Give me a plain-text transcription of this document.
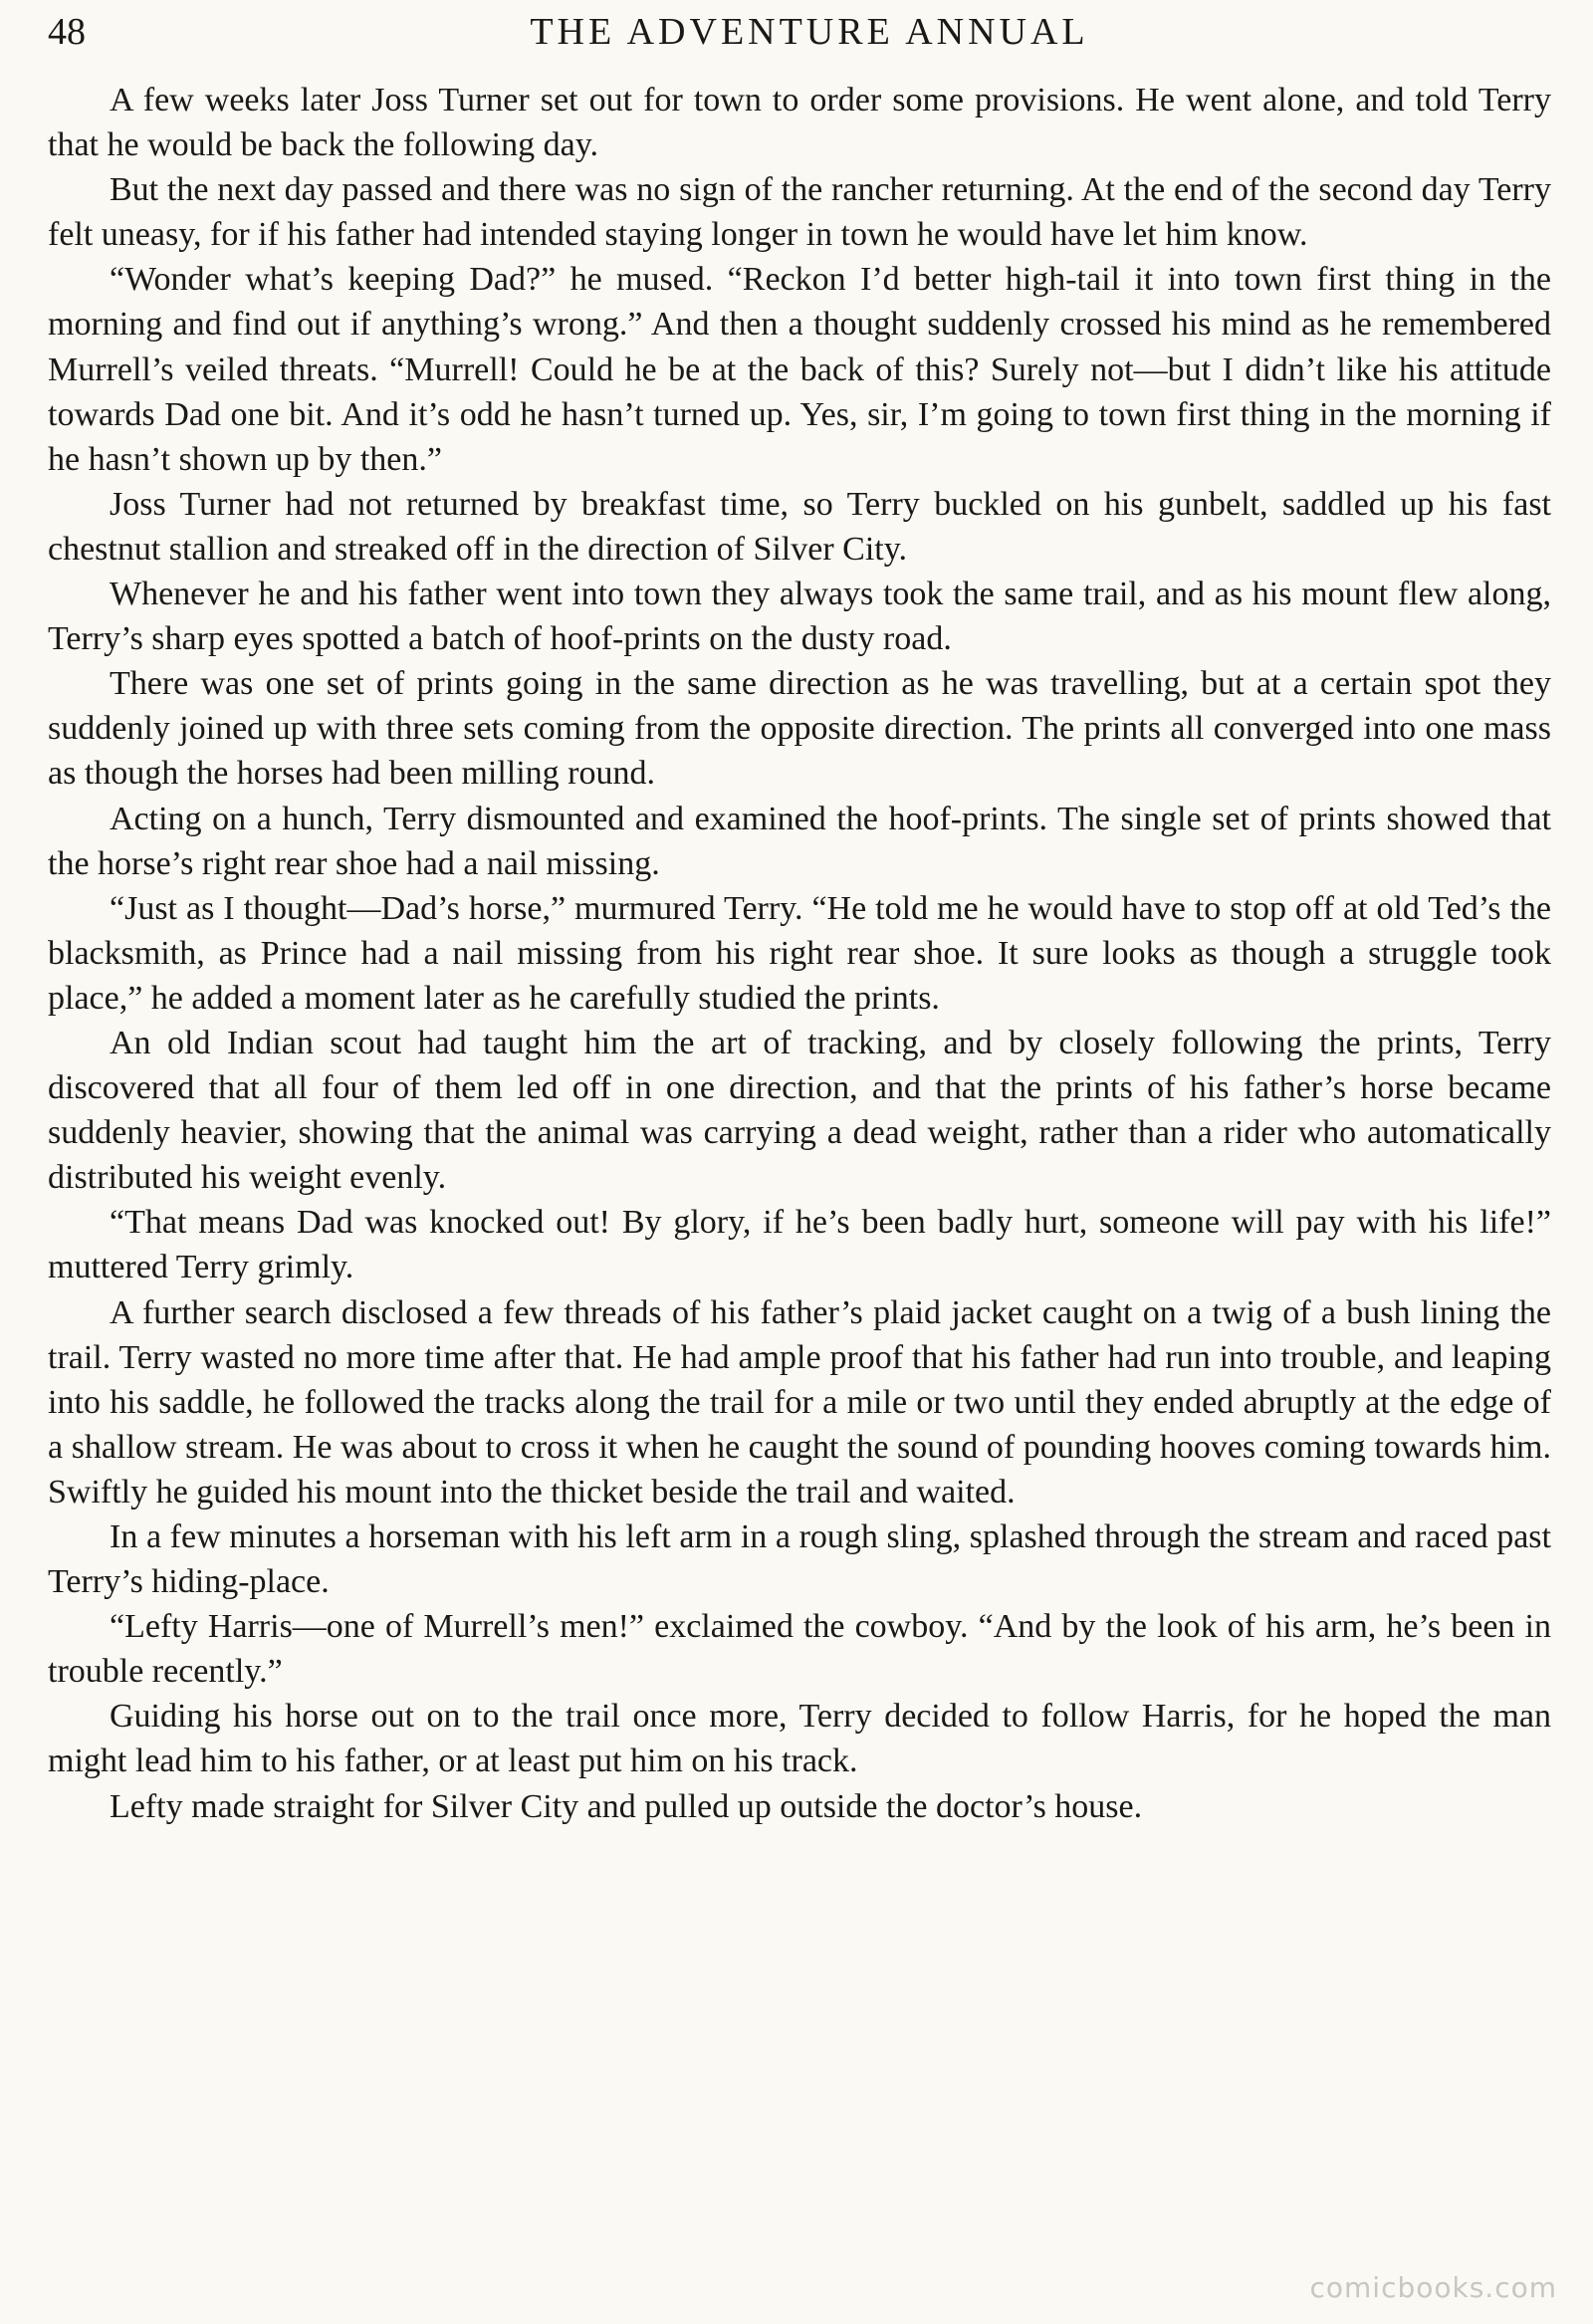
48	THE ADVENTURE ANNUAL

A few weeks later Joss Turner set out for town to order some provisions. He went alone, and told Terry that he would be back the following day.

But the next day passed and there was no sign of the rancher returning. At the end of the second day Terry felt uneasy, for if his father had intended staying longer in town he would have let him know.

“Wonder what’s keeping Dad?” he mused. “Reckon I’d better high-tail it into town first thing in the morning and find out if anything’s wrong.” And then a thought suddenly crossed his mind as he remembered Murrell’s veiled threats. “Murrell! Could he be at the back of this? Surely not—but I didn’t like his attitude towards Dad one bit. And it’s odd he hasn’t turned up. Yes, sir, I’m going to town first thing in the morning if he hasn’t shown up by then.”

Joss Turner had not returned by breakfast time, so Terry buckled on his gunbelt, saddled up his fast chestnut stallion and streaked off in the direction of Silver City.

Whenever he and his father went into town they always took the same trail, and as his mount flew along, Terry’s sharp eyes spotted a batch of hoof-prints on the dusty road.

There was one set of prints going in the same direction as he was travelling, but at a certain spot they suddenly joined up with three sets coming from the opposite direction. The prints all converged into one mass as though the horses had been milling round.

Acting on a hunch, Terry dismounted and examined the hoof-prints. The single set of prints showed that the horse’s right rear shoe had a nail missing.

“Just as I thought—Dad’s horse,” murmured Terry. “He told me he would have to stop off at old Ted’s the blacksmith, as Prince had a nail missing from his right rear shoe. It sure looks as though a struggle took place,” he added a moment later as he carefully studied the prints.

An old Indian scout had taught him the art of tracking, and by closely following the prints, Terry discovered that all four of them led off in one direction, and that the prints of his father’s horse became suddenly heavier, showing that the animal was carrying a dead weight, rather than a rider who automatically distributed his weight evenly.

“That means Dad was knocked out! By glory, if he’s been badly hurt, someone will pay with his life!” muttered Terry grimly.

A further search disclosed a few threads of his father’s plaid jacket caught on a twig of a bush lining the trail. Terry wasted no more time after that. He had ample proof that his father had run into trouble, and leaping into his saddle, he followed the tracks along the trail for a mile or two until they ended abruptly at the edge of a shallow stream. He was about to cross it when he caught the sound of pounding hooves coming towards him. Swiftly he guided his mount into the thicket beside the trail and waited.

In a few minutes a horseman with his left arm in a rough sling, splashed through the stream and raced past Terry’s hiding-place.

“Lefty Harris—one of Murrell’s men!” exclaimed the cowboy. “And by the look of his arm, he’s been in trouble recently.”

Guiding his horse out on to the trail once more, Terry decided to follow Harris, for he hoped the man might lead him to his father, or at least put him on his track.

Lefty made straight for Silver City and pulled up outside the doctor’s house.

comicbooks.com
